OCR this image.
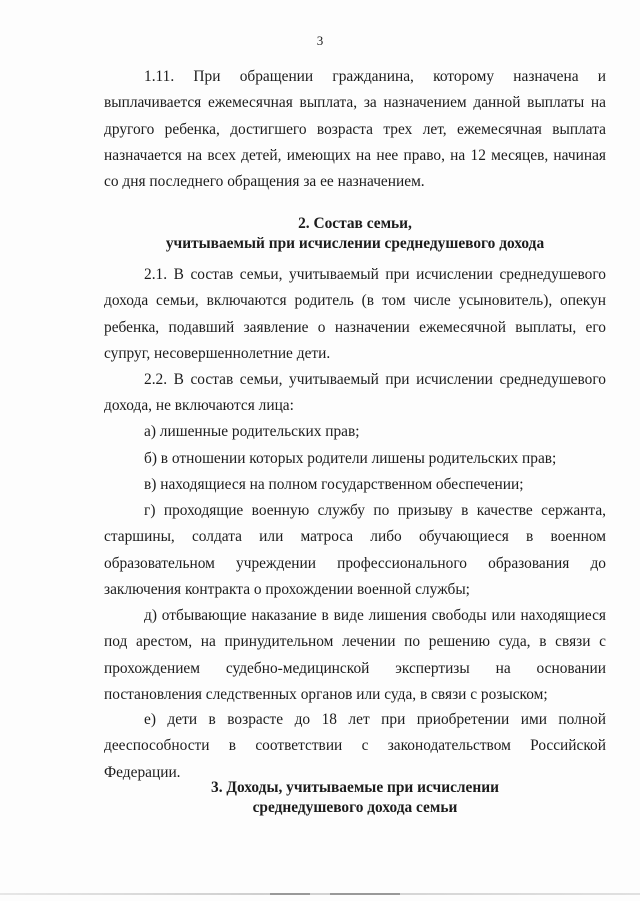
3

1.11. При обращении гражданина, которому назначена и выплачивается ежемесячная выплата, за назначением данной выплаты на другого ребенка, достигшего возраста трех лет, ежемесячная выплата назначается на всех детей, имеющих на нее право, на 12 месяцев, начиная со дня последнего обращения за ее назначением.

2. Состав семьи,
учитываемый при исчислении среднедушевого дохода

2.1. В состав семьи, учитываемый при исчислении среднедушевого дохода семьи, включаются родитель (в том числе усыновитель), опекун ребенка, подавший заявление о назначении ежемесячной выплаты, его супруг, несовершеннолетние дети.

2.2. В состав семьи, учитываемый при исчислении среднедушевого дохода, не включаются лица:

а) лишенные родительских прав;

б) в отношении которых родители лишены родительских прав;

в) находящиеся на полном государственном обеспечении;

г) проходящие военную службу по призыву в качестве сержанта, старшины, солдата или матроса либо обучающиеся в военном образовательном учреждении профессионального образования до заключения контракта о прохождении военной службы;

д) отбывающие наказание в виде лишения свободы или находящиеся под арестом, на принудительном лечении по решению суда, в связи с прохождением судебно-медицинской экспертизы на основании постановления следственных органов или суда, в связи с розыском;

е) дети в возрасте до 18 лет при приобретении ими полной дееспособности в соответствии с законодательством Российской Федерации.

3. Доходы, учитываемые при исчислении
среднедушевого дохода семьи
